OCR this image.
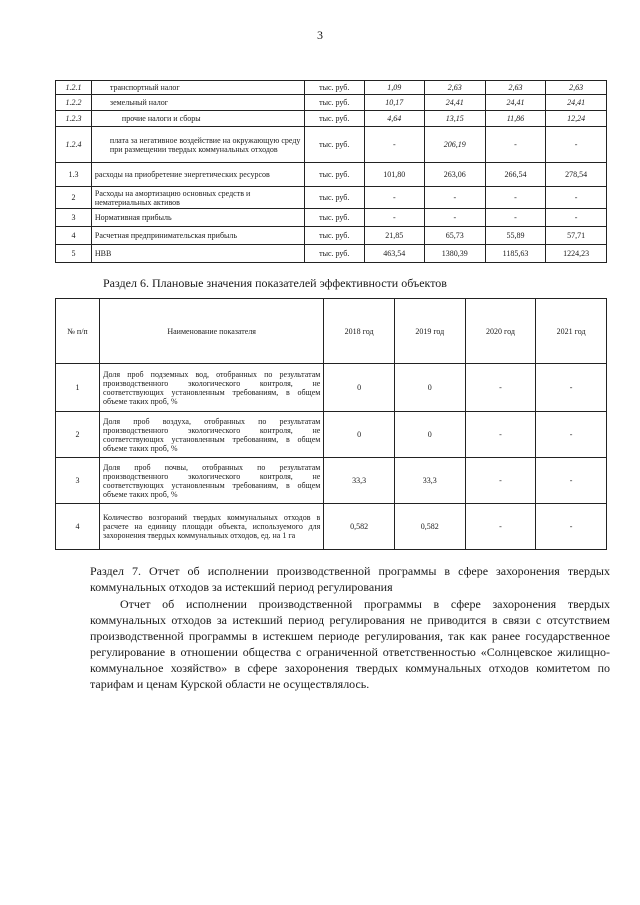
3
1.2.1	транспортный налог	тыс. руб.	1,09	2,63	2,63	2,63
1.2.2	земельный налог	тыс. руб.	10,17	24,41	24,41	24,41
1.2.3	прочие налоги и сборы	тыс. руб.	4,64	13,15	11,86	12,24
1.2.4	плата за негативное воздействие на окружающую среду при размещении твердых коммунальных отходов	тыс. руб.	-	206,19	-	-
1.3	расходы на приобретение энергетических ресурсов	тыс. руб.	101,80	263,06	266,54	278,54
2	Расходы на амортизацию основных средств и нематериальных активов	тыс. руб.	-	-	-	-
3	Нормативная прибыль	тыс. руб.	-	-	-	-
4	Расчетная предпринимательская прибыль	тыс. руб.	21,85	65,73	55,89	57,71
5	НВВ	тыс. руб.	463,54	1380,39	1185,63	1224,23
Раздел 6. Плановые значения показателей эффективности объектов
№ п/п	Наименование показателя	2018 год	2019 год	2020 год	2021 год
1	Доля проб подземных вод, отобранных по результатам производственного экологического контроля, не соответствующих установленным требованиям, в общем объеме таких проб, %	0	0	-	-
2	Доля проб воздуха, отобранных по результатам производственного экологического контроля, не соответствующих установленным требованиям, в общем объеме таких проб, %	0	0	-	-
3	Доля проб почвы, отобранных по результатам производственного экологического контроля, не соответствующих установленным требованиям, в общем объеме таких проб, %	33,3	33,3	-	-
4	Количество возгораний твердых коммунальных отходов в расчете на единицу площади объекта, используемого для захоронения твердых коммунальных отходов, ед. на 1 га	0,582	0,582	-	-
Раздел 7. Отчет об исполнении производственной программы в сфере захоронения твердых коммунальных отходов за истекший период регулирования
Отчет об исполнении производственной программы в сфере захоронения твердых коммунальных отходов за истекший период регулирования не приводится в связи с отсутствием производственной программы в истекшем периоде регулирования, так как ранее государственное регулирование в отношении общества с ограниченной ответственностью «Солнцевское жилищно-коммунальное хозяйство» в сфере захоронения твердых коммунальных отходов комитетом по тарифам и ценам Курской области не осуществлялось.
